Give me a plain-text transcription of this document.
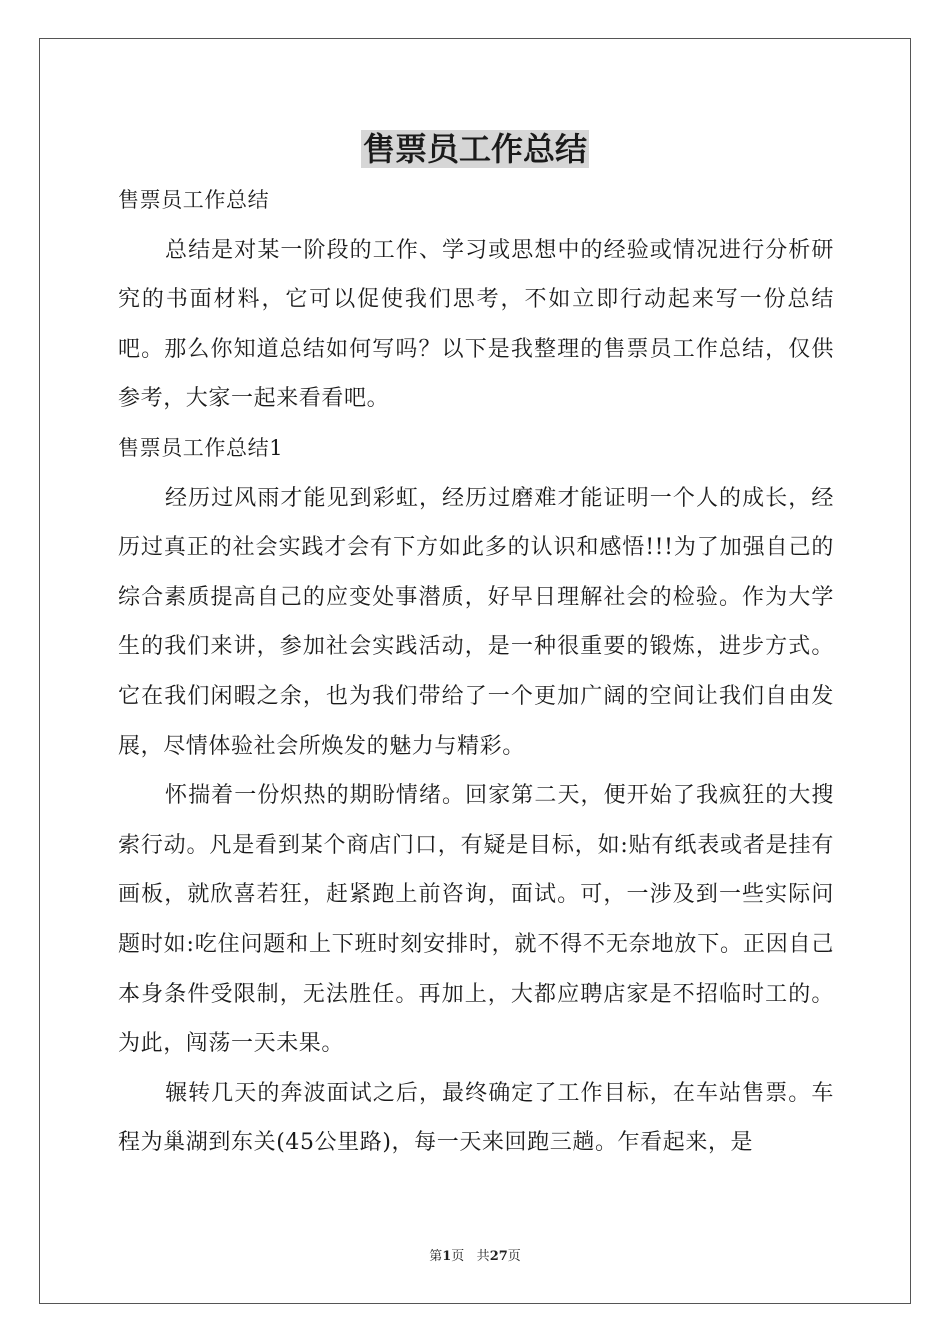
售票员工作总结

售票员工作总结

总结是对某一阶段的工作、学习或思想中的经验或情况进行分析研究的书面材料，它可以促使我们思考，不如立即行动起来写一份总结吧。那么你知道总结如何写吗？以下是我整理的售票员工作总结，仅供参考，大家一起来看看吧。

售票员工作总结1

经历过风雨才能见到彩虹，经历过磨难才能证明一个人的成长，经历过真正的社会实践才会有下方如此多的认识和感悟!!!为了加强自己的综合素质提高自己的应变处事潜质，好早日理解社会的检验。作为大学生的我们来讲，参加社会实践活动，是一种很重要的锻炼，进步方式。它在我们闲暇之余，也为我们带给了一个更加广阔的空间让我们自由发展，尽情体验社会所焕发的魅力与精彩。

怀揣着一份炽热的期盼情绪。回家第二天，便开始了我疯狂的大搜索行动。凡是看到某个商店门口，有疑是目标，如:贴有纸表或者是挂有画板，就欣喜若狂，赶紧跑上前咨询，面试。可，一涉及到一些实际问题时如:吃住问题和上下班时刻安排时，就不得不无奈地放下。正因自己本身条件受限制，无法胜任。再加上，大都应聘店家是不招临时工的。为此，闯荡一天未果。

辗转几天的奔波面试之后，最终确定了工作目标，在车站售票。车程为巢湖到东关(45公里路)，每一天来回跑三趟。乍看起来，是

第1页 共27页
